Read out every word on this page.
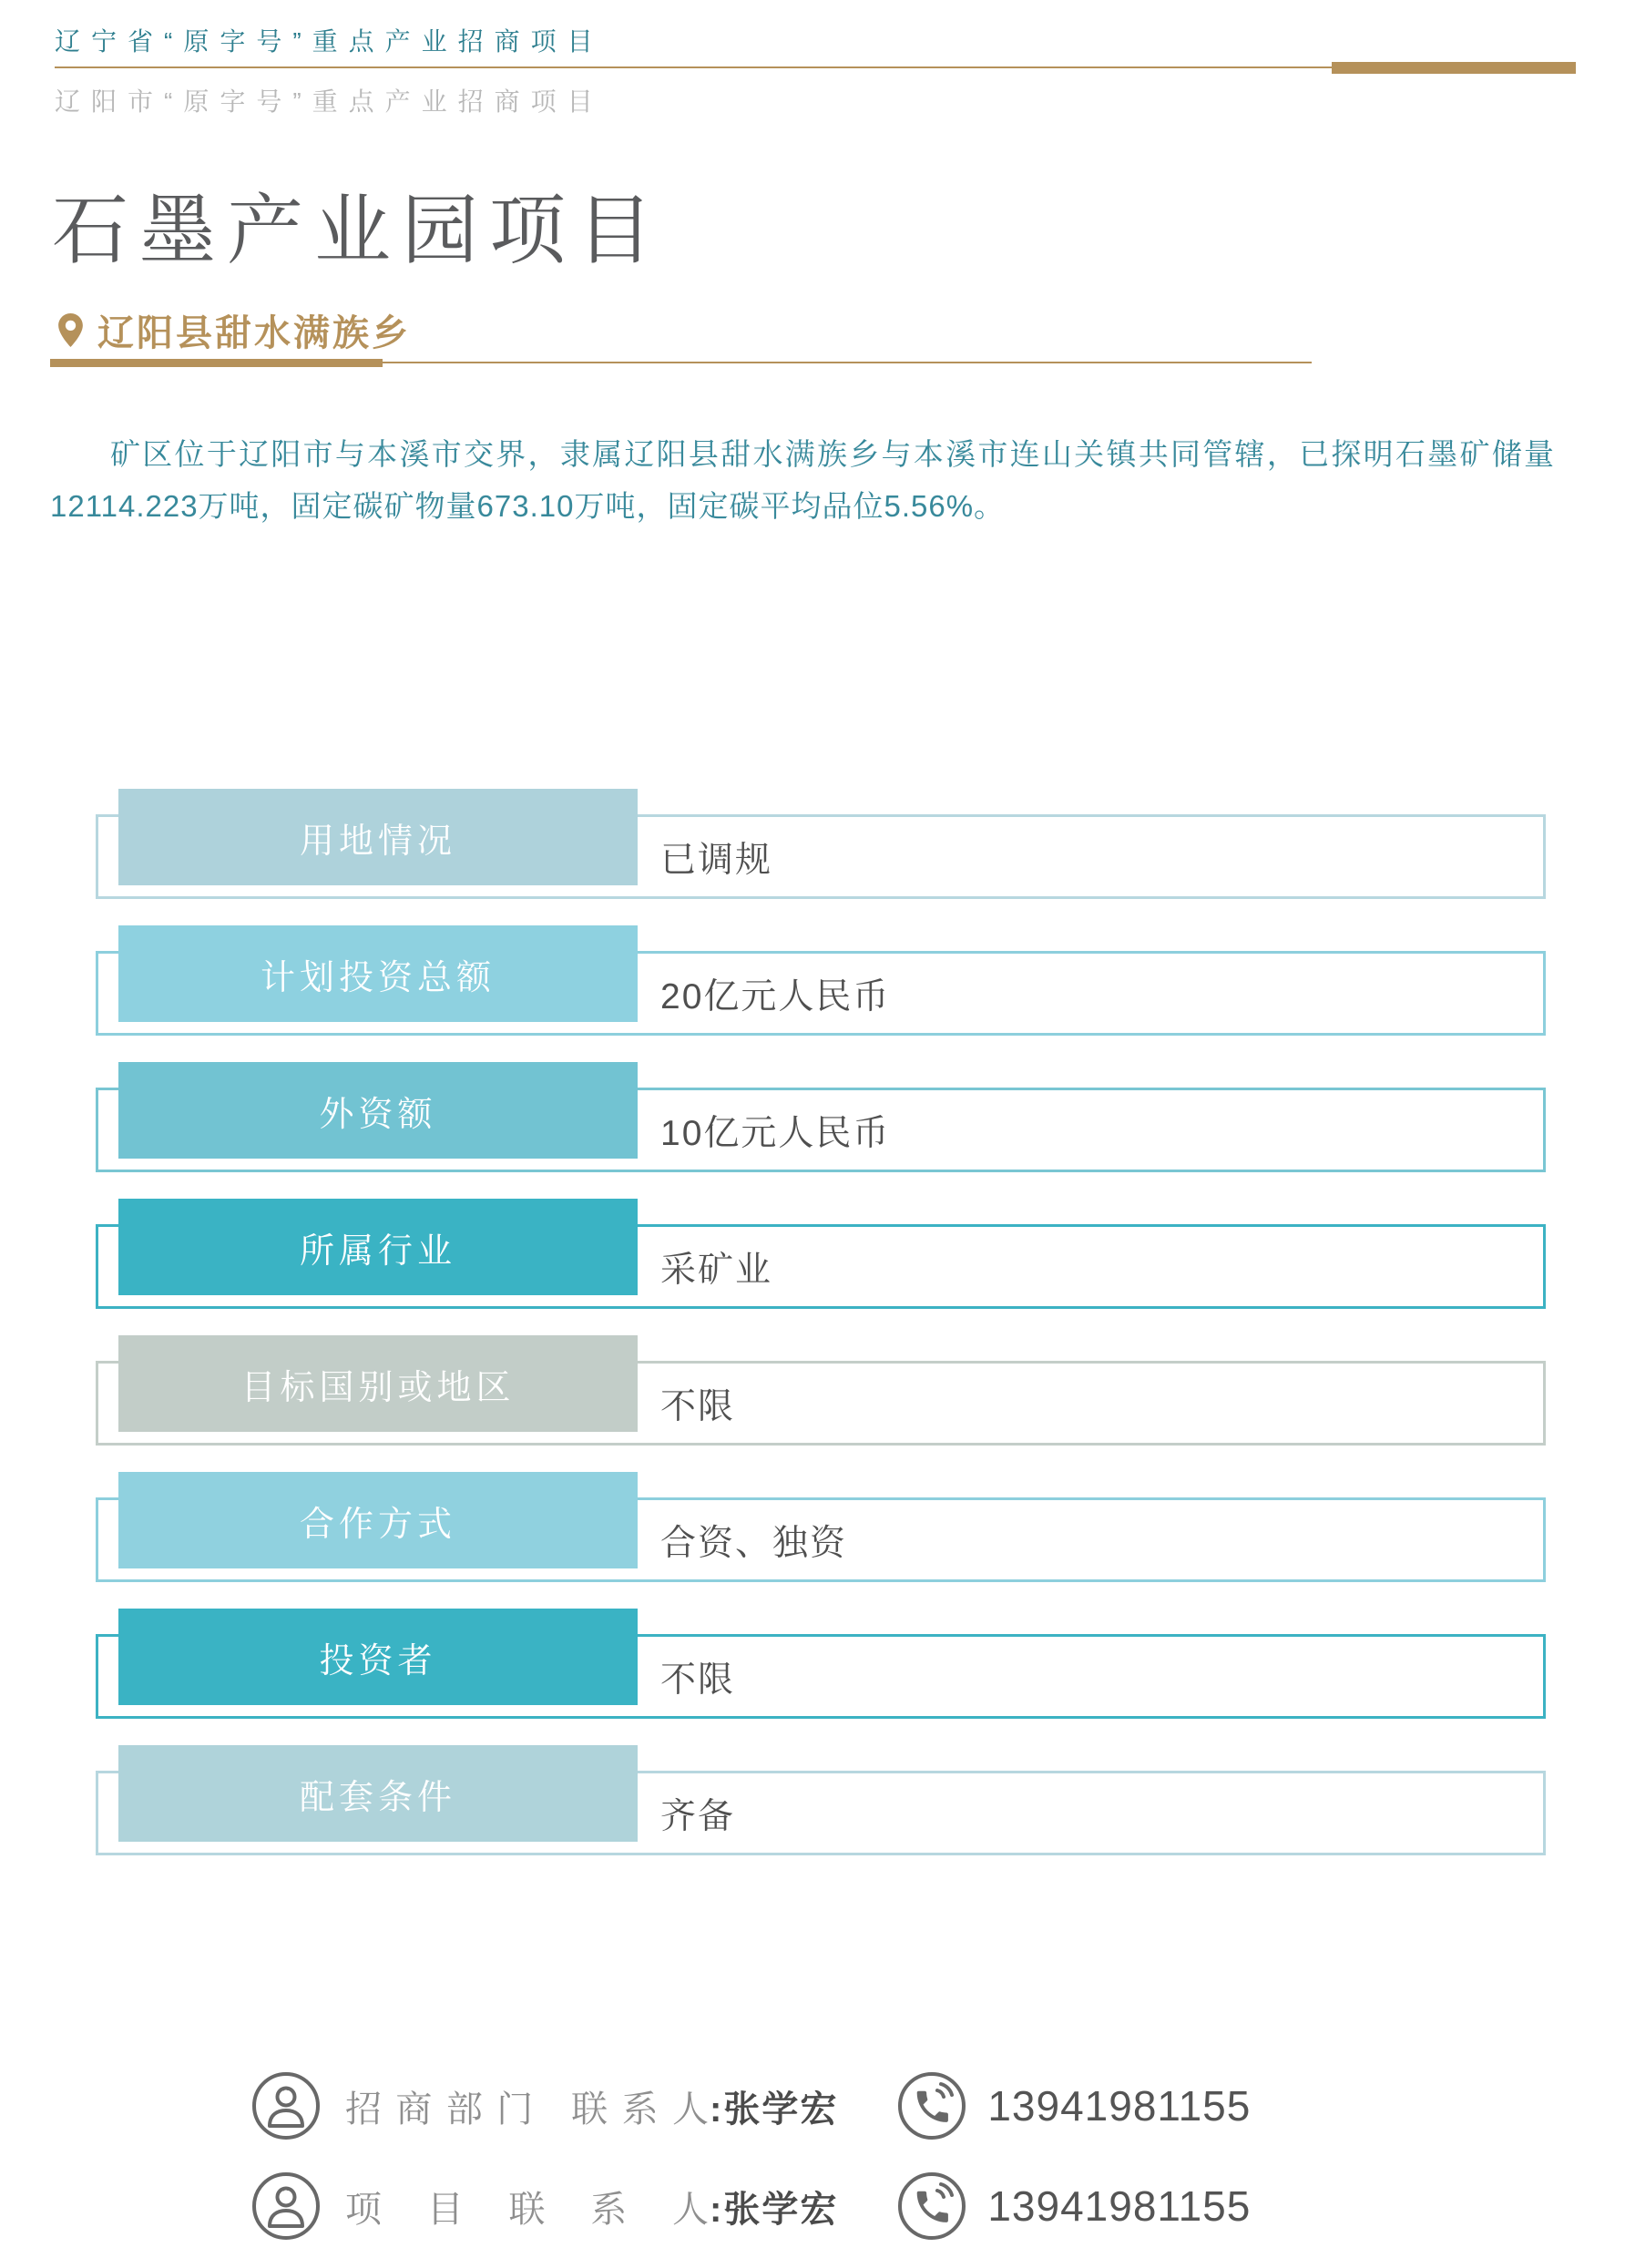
辽宁省“原字号”重点产业招商项目
辽阳市“原字号”重点产业招商项目
石墨产业园项目
辽阳县甜水满族乡

矿区位于辽阳市与本溪市交界，隶属辽阳县甜水满族乡与本溪市连山关镇共同管辖，已探明石墨矿储量12114.223万吨，固定碳矿物量673.10万吨，固定碳平均品位5.56%。

用地情况	已调规
计划投资总额	20亿元人民币
外资额	10亿元人民币
所属行业	采矿业
目标国别或地区	不限
合作方式	合资、独资
投资者	不限
配套条件	齐备
招商部门 联系人 :张学宏	13941981155
项目联系人 :张学宏	13941981155
